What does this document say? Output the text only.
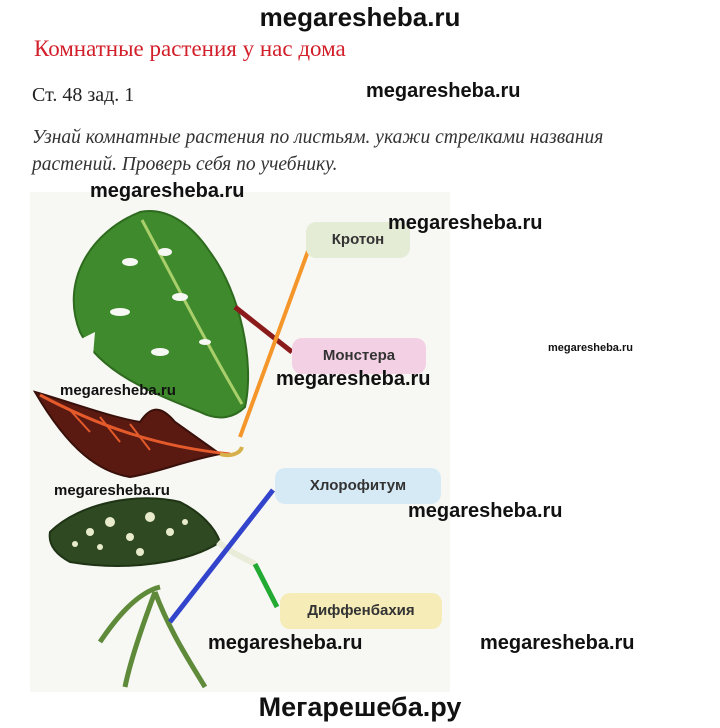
megaresheba.ru
Комнатные растения у нас дома
Ст. 48 зад. 1	megaresheba.ru
Узнай комнатные растения по листьям. укажи стрелками названия растений. Проверь себя по учебнику.
Кротон
Монстера
Хлорофитум
Диффенбахия
megaresheba.ru
megaresheba.ru
megaresheba.ru
megaresheba.ru
megaresheba.ru
megaresheba.ru
megaresheba.ru
megaresheba.ru	megaresheba.ru
Мегарешеба.ру
